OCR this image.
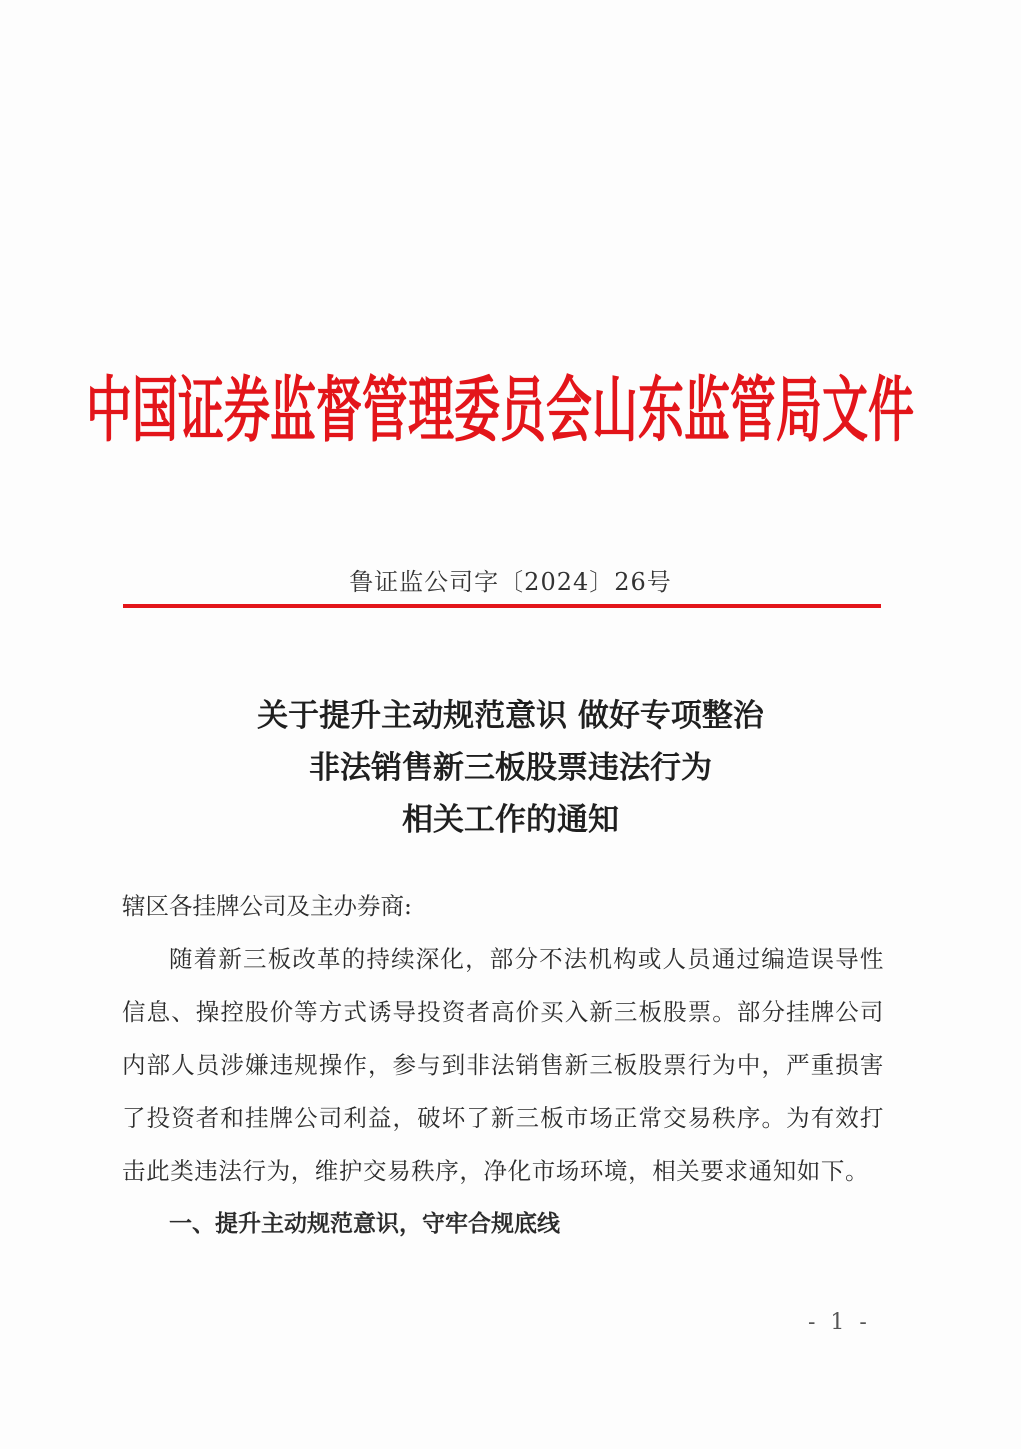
中国证券监督管理委员会山东监管局文件
鲁证监公司字〔2024〕26号
关于提升主动规范意识 做好专项整治
非法销售新三板股票违法行为
相关工作的通知
辖区各挂牌公司及主办券商:
随着新三板改革的持续深化，部分不法机构或人员通过编造误导性信息、操控股价等方式诱导投资者高价买入新三板股票。部分挂牌公司内部人员涉嫌违规操作，参与到非法销售新三板股票行为中，严重损害了投资者和挂牌公司利益，破坏了新三板市场正常交易秩序。为有效打击此类违法行为，维护交易秩序，净化市场环境，相关要求通知如下。
一、提升主动规范意识，守牢合规底线
- 1 -
